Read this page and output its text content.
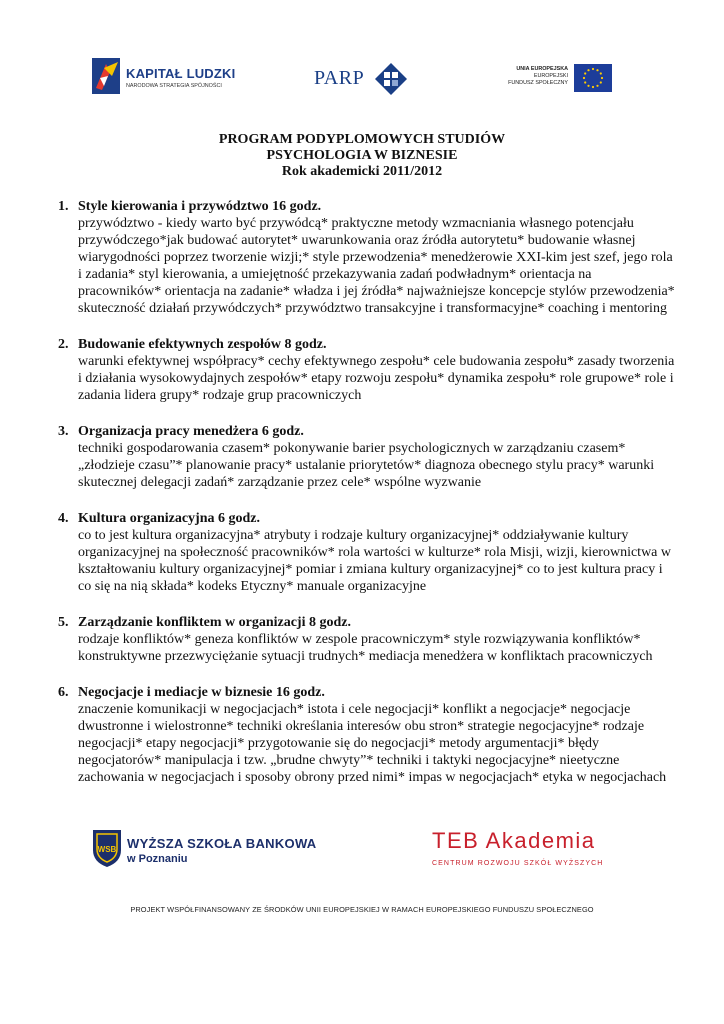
KAPITAŁ LUDZKI
NARODOWA STRATEGIA SPÓJNOŚCI	PARP	UNIA EUROPEJSKA
EUROPEJSKI
FUNDUSZ SPOŁECZNY
PROGRAM PODYPLOMOWYCH STUDIÓW
PSYCHOLOGIA W BIZNESIE
Rok akademicki 2011/2012
1. Style kierowania i przywództwo 16 godz.
przywództwo - kiedy warto być przywódcą* praktyczne metody wzmacniania własnego potencjału przywódczego*jak budować autorytet* uwarunkowania oraz źródła autorytetu* budowanie własnej wiarygodności poprzez tworzenie wizji;* style przewodzenia* menedżerowie XXI-kim jest szef, jego rola i zadania* styl kierowania, a umiejętność przekazywania zadań podwładnym* orientacja na pracowników* orientacja na zadanie* władza i jej źródła* najważniejsze koncepcje stylów przewodzenia* skuteczność działań przywódczych* przywództwo transakcyjne i transformacyjne* coaching i mentoring
2. Budowanie efektywnych zespołów 8 godz.
warunki efektywnej współpracy* cechy efektywnego zespołu* cele budowania zespołu* zasady tworzenia i działania wysokowydajnych zespołów* etapy rozwoju zespołu* dynamika zespołu* role grupowe* role i zadania lidera grupy* rodzaje grup pracowniczych
3. Organizacja pracy menedżera 6 godz.
techniki gospodarowania czasem* pokonywanie barier psychologicznych w zarządzaniu czasem* „złodzieje czasu”* planowanie pracy* ustalanie priorytetów* diagnoza obecnego stylu pracy* warunki skutecznej delegacji zadań* zarządzanie przez cele* wspólne wyzwanie
4. Kultura organizacyjna 6 godz.
co to jest kultura organizacyjna* atrybuty i rodzaje kultury organizacyjnej* oddziaływanie kultury organizacyjnej na społeczność pracowników* rola wartości w kulturze* rola Misji, wizji, kierownictwa w kształtowaniu kultury organizacyjnej* pomiar i zmiana kultury organizacyjnej* co to jest kultura pracy i co się na nią składa* kodeks Etyczny* manuale organizacyjne
5. Zarządzanie konfliktem w organizacji 8 godz.
rodzaje konfliktów* geneza konfliktów w zespole pracowniczym* style rozwiązywania konfliktów* konstruktywne przezwyciężanie sytuacji trudnych* mediacja menedżera w konfliktach pracowniczych
6. Negocjacje i mediacje w biznesie 16 godz.
znaczenie komunikacji w negocjacjach* istota i cele negocjacji* konflikt a negocjacje* negocjacje dwustronne i wielostronne* techniki określania interesów obu stron* strategie negocjacyjne* rodzaje negocjacji* etapy negocjacji* przygotowanie się do negocjacji* metody argumentacji* błędy negocjatorów* manipulacja i tzw. „brudne chwyty”* techniki i taktyki negocjacyjne* nieetyczne zachowania w negocjacjach i sposoby obrony przed nimi* impas w negocjacjach* etyka w negocjachach
WSB WYŻSZA SZKOŁA BANKOWA
w Poznaniu
TEB Akademia
CENTRUM ROZWOJU SZKÓŁ WYŻSZYCH
PROJEKT WSPÓŁFINANSOWANY ZE ŚRODKÓW UNII EUROPEJSKIEJ W RAMACH EUROPEJSKIEGO FUNDUSZU SPOŁECZNEGO
